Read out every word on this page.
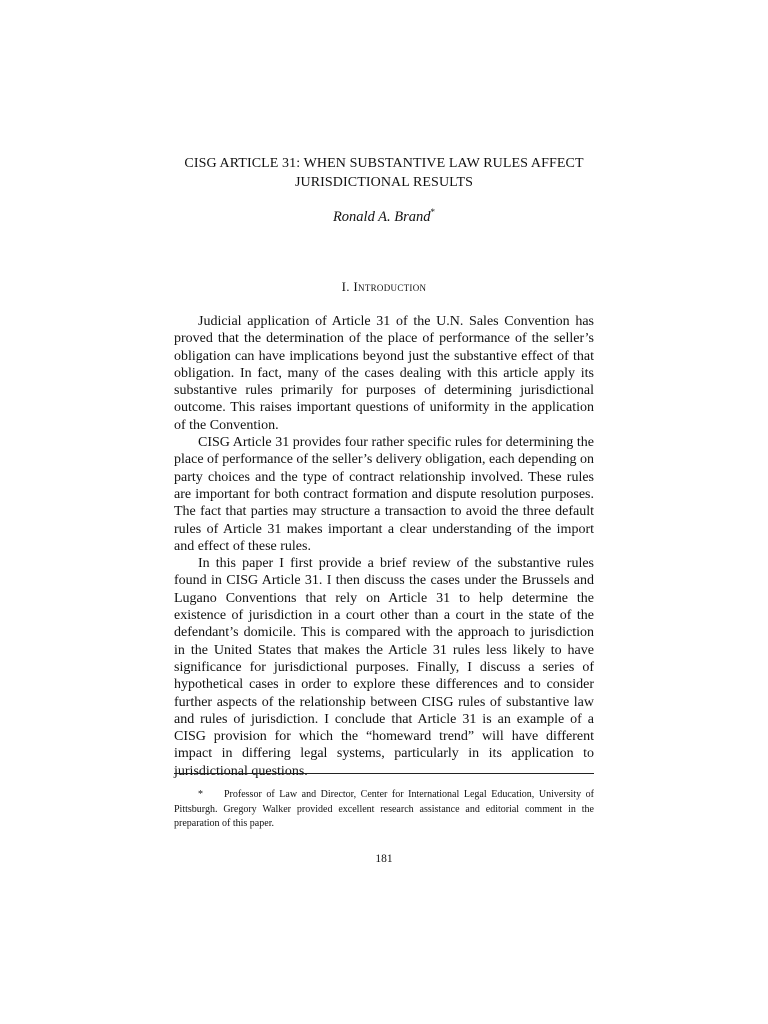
CISG ARTICLE 31: WHEN SUBSTANTIVE LAW RULES AFFECT
JURISDICTIONAL RESULTS
Ronald A. Brand*
I. Introduction

Judicial application of Article 31 of the U.N. Sales Convention has proved that the determination of the place of performance of the seller’s obligation can have implications beyond just the substantive effect of that obligation. In fact, many of the cases dealing with this article apply its substantive rules primarily for purposes of determining jurisdictional outcome. This raises important questions of uniformity in the application of the Convention.

CISG Article 31 provides four rather specific rules for determining the place of performance of the seller’s delivery obligation, each depending on party choices and the type of contract relationship involved. These rules are important for both contract formation and dispute resolution purposes. The fact that parties may structure a transaction to avoid the three default rules of Article 31 makes important a clear understanding of the import and effect of these rules.

In this paper I first provide a brief review of the substantive rules found in CISG Article 31. I then discuss the cases under the Brussels and Lugano Conventions that rely on Article 31 to help determine the existence of jurisdiction in a court other than a court in the state of the defendant’s domicile. This is compared with the approach to jurisdiction in the United States that makes the Article 31 rules less likely to have significance for jurisdictional purposes. Finally, I discuss a series of hypothetical cases in order to explore these differences and to consider further aspects of the relationship between CISG rules of substantive law and rules of jurisdiction. I conclude that Article 31 is an example of a CISG provision for which the “homeward trend” will have different impact in differing legal systems, particularly in its application to jurisdictional questions.

* Professor of Law and Director, Center for International Legal Education, University of Pittsburgh. Gregory Walker provided excellent research assistance and editorial comment in the preparation of this paper.
181
